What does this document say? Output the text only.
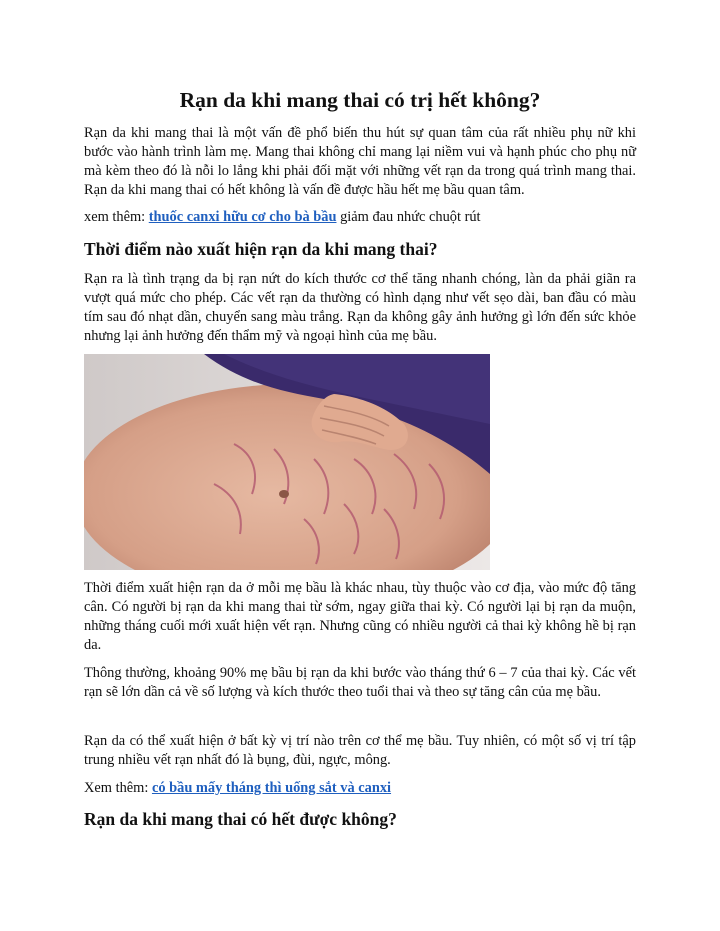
Rạn da khi mang thai có trị hết không?

Rạn da khi mang thai là một vấn đề phổ biến thu hút sự quan tâm của rất nhiều phụ nữ khi bước vào hành trình làm mẹ. Mang thai không chỉ mang lại niềm vui và hạnh phúc cho phụ nữ mà kèm theo đó là nỗi lo lắng khi phải đối mặt với những vết rạn da trong quá trình mang thai. Rạn da khi mang thai có hết không là vấn đề được hầu hết mẹ bầu quan tâm.

xem thêm: thuốc canxi hữu cơ cho bà bầu giảm đau nhức chuột rút

Thời điểm nào xuất hiện rạn da khi mang thai?

Rạn ra là tình trạng da bị rạn nứt do kích thước cơ thể tăng nhanh chóng, làn da phải giãn ra vượt quá mức cho phép. Các vết rạn da thường có hình dạng như vết sẹo dài, ban đầu có màu tím sau đó nhạt dần, chuyển sang màu trắng. Rạn da không gây ảnh hưởng gì lớn đến sức khỏe nhưng lại ảnh hưởng đến thẩm mỹ và ngoại hình của mẹ bầu.

Thời điểm xuất hiện rạn da ở mỗi mẹ bầu là khác nhau, tùy thuộc vào cơ địa, vào mức độ tăng cân. Có người bị rạn da khi mang thai từ sớm, ngay giữa thai kỳ. Có người lại bị rạn da muộn, những tháng cuối mới xuất hiện vết rạn. Nhưng cũng có nhiều người cả thai kỳ không hề bị rạn da.

Thông thường, khoảng 90% mẹ bầu bị rạn da khi bước vào tháng thứ 6 – 7 của thai kỳ. Các vết rạn sẽ lớn dần cả về số lượng và kích thước theo tuổi thai và theo sự tăng cân của mẹ bầu.

Rạn da có thể xuất hiện ở bất kỳ vị trí nào trên cơ thể mẹ bầu. Tuy nhiên, có một số vị trí tập trung nhiều vết rạn nhất đó là bụng, đùi, ngực, mông.

Xem thêm: có bầu mấy tháng thì uống sắt và canxi

Rạn da khi mang thai có hết được không?
